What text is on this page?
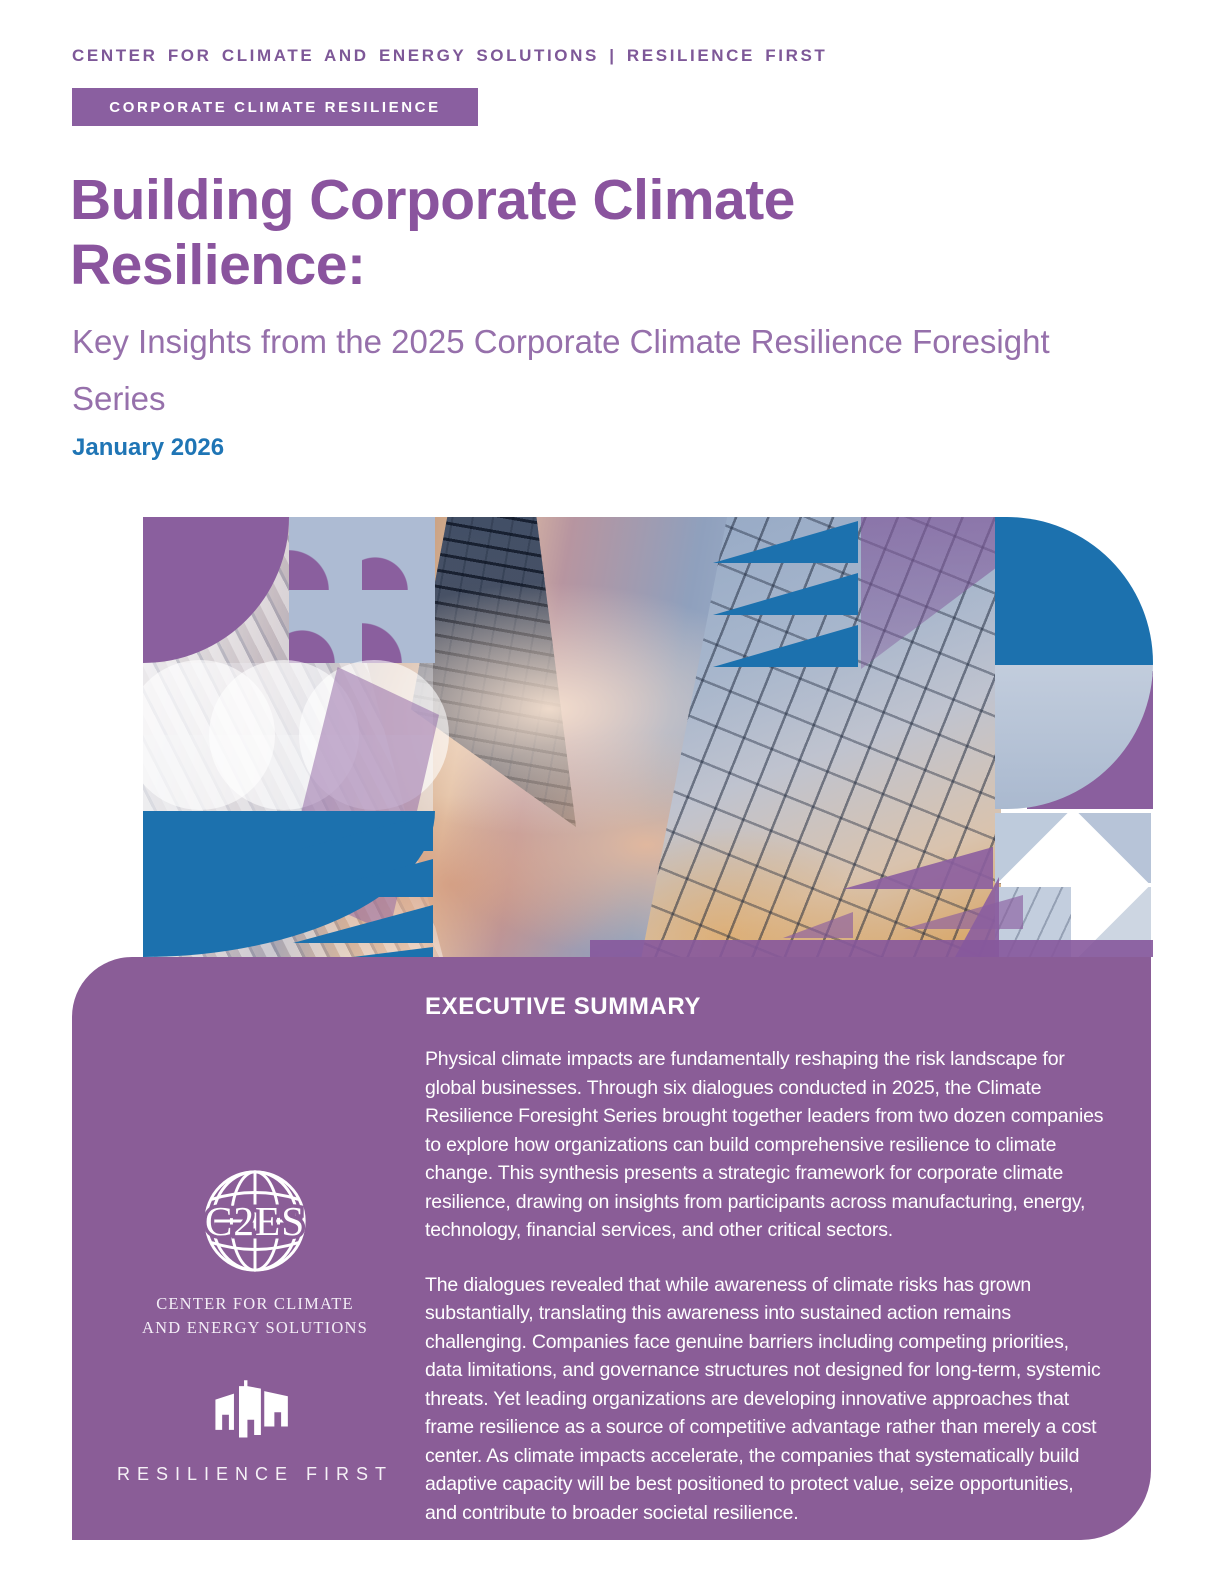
CENTER FOR CLIMATE AND ENERGY SOLUTIONS | RESILIENCE FIRST
CORPORATE CLIMATE RESILIENCE
Building Corporate Climate Resilience:
Key Insights from the 2025 Corporate Climate Resilience Foresight Series
January 2026
C2ES
CENTER FOR CLIMATE
AND ENERGY SOLUTIONS
RESILIENCE FIRST
EXECUTIVE SUMMARY

Physical climate impacts are fundamentally reshaping the risk landscape for global businesses. Through six dialogues conducted in 2025, the Climate Resilience Foresight Series brought together leaders from two dozen companies to explore how organizations can build comprehensive resilience to climate change. This synthesis presents a strategic framework for corporate climate resilience, drawing on insights from participants across manufacturing, energy, technology, financial services, and other critical sectors.

The dialogues revealed that while awareness of climate risks has grown substantially, translating this awareness into sustained action remains challenging. Companies face genuine barriers including competing priorities, data limitations, and governance structures not designed for long-term, systemic threats. Yet leading organizations are developing innovative approaches that frame resilience as a source of competitive advantage rather than merely a cost center. As climate impacts accelerate, the companies that systematically build adaptive capacity will be best positioned to protect value, seize opportunities, and contribute to broader societal resilience.
